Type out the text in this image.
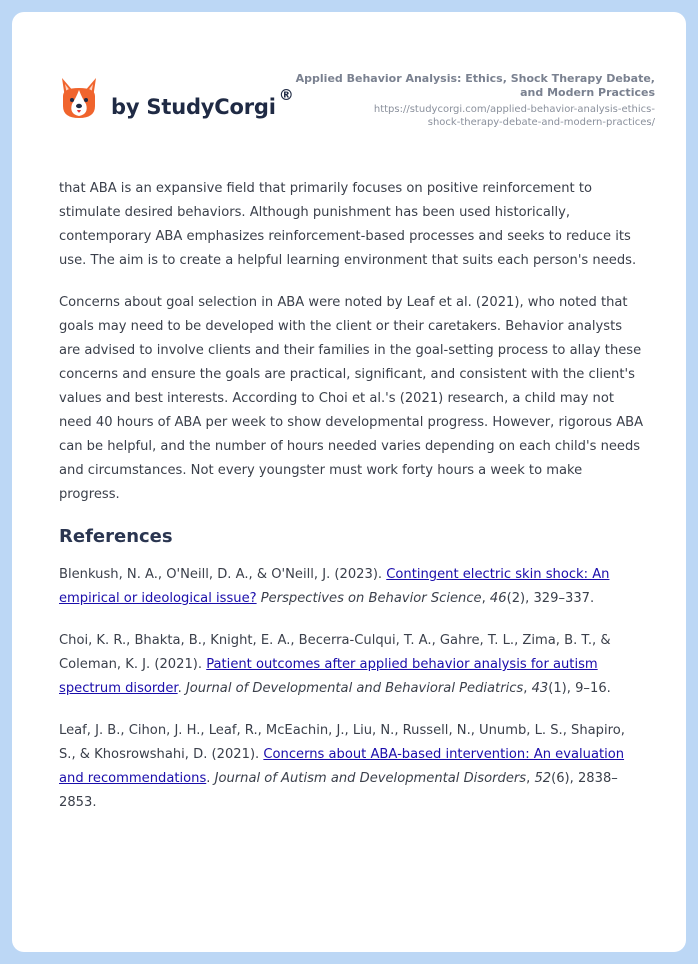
by StudyCorgi ®
Applied Behavior Analysis: Ethics, Shock Therapy Debate,
and Modern Practices
https://studycorgi.com/applied-behavior-analysis-ethics-
shock-therapy-debate-and-modern-practices/

that ABA is an expansive field that primarily focuses on positive reinforcement to stimulate desired behaviors. Although punishment has been used historically, contemporary ABA emphasizes reinforcement-based processes and seeks to reduce its use. The aim is to create a helpful learning environment that suits each person's needs.

Concerns about goal selection in ABA were noted by Leaf et al. (2021), who noted that goals may need to be developed with the client or their caretakers. Behavior analysts are advised to involve clients and their families in the goal-setting process to allay these concerns and ensure the goals are practical, significant, and consistent with the client's values and best interests. According to Choi et al.'s (2021) research, a child may not need 40 hours of ABA per week to show developmental progress. However, rigorous ABA can be helpful, and the number of hours needed varies depending on each child's needs and circumstances. Not every youngster must work forty hours a week to make progress.

References
Blenkush, N. A., O'Neill, D. A., & O'Neill, J. (2023). Contingent electric skin shock: An empirical or ideological issue? Perspectives on Behavior Science, 46(2), 329–337.
Choi, K. R., Bhakta, B., Knight, E. A., Becerra-Culqui, T. A., Gahre, T. L., Zima, B. T., & Coleman, K. J. (2021). Patient outcomes after applied behavior analysis for autism spectrum disorder. Journal of Developmental and Behavioral Pediatrics, 43(1), 9–16.
Leaf, J. B., Cihon, J. H., Leaf, R., McEachin, J., Liu, N., Russell, N., Unumb, L. S., Shapiro, S., & Khosrowshahi, D. (2021). Concerns about ABA-based intervention: An evaluation and recommendations. Journal of Autism and Developmental Disorders, 52(6), 2838–2853.
